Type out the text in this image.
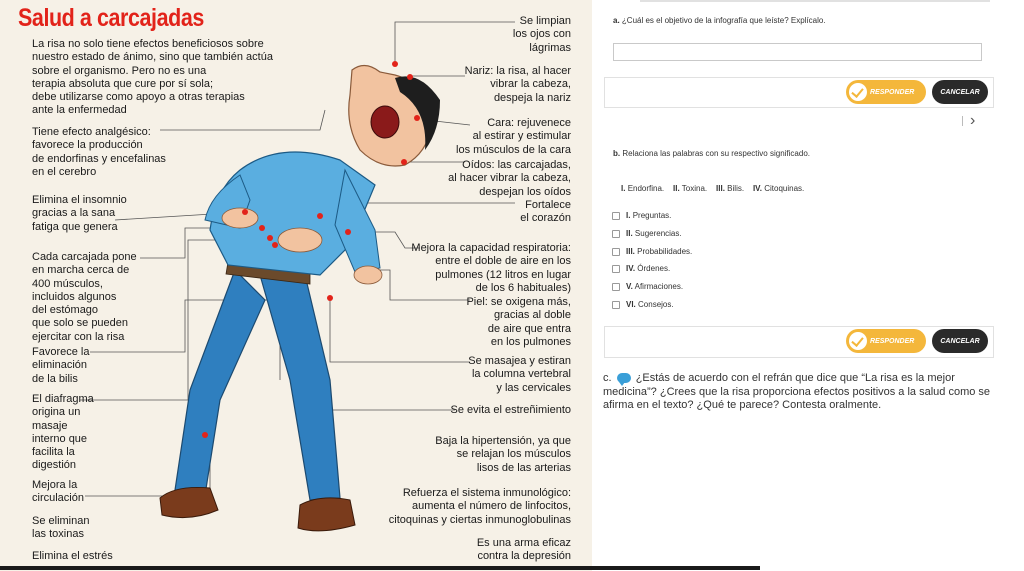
Salud a carcajadas
La risa no solo tiene efectos beneficiosos sobre
nuestro estado de ánimo, sino que también actúa
sobre el organismo. Pero no es una
terapia absoluta que cure por sí sola;
debe utilizarse como apoyo a otras terapias
ante la enfermedad
Tiene efecto analgésico:
favorece la producción
de endorfinas y encefalinas
en el cerebro
Elimina el insomnio
gracias a la sana
fatiga que genera
Cada carcajada pone
en marcha cerca de
400 músculos,
incluidos algunos
del estómago
que solo se pueden
ejercitar con la risa
Favorece la
eliminación
de la bilis
El diafragma
origina un
masaje
interno que
facilita la
digestión
Mejora la
circulación
Se eliminan
las toxinas
Elimina el estrés
Se limpian
los ojos con
lágrimas
Nariz: la risa, al hacer
vibrar la cabeza,
despeja la nariz
Cara: rejuvenece
al estirar y estimular
los músculos de la cara
Oídos: las carcajadas,
al hacer vibrar la cabeza,
despejan los oídos
Fortalece
el corazón
Mejora la capacidad respiratoria:
entre el doble de aire en los
pulmones (12 litros en lugar
de los 6 habituales)
Piel: se oxigena más,
gracias al doble
de aire que entra
en los pulmones
Se masajea y estiran
la columna vertebral
y las cervicales
Se evita el estreñimiento
Baja la hipertensión, ya que
se relajan los músculos
lisos de las arterias
Refuerza el sistema inmunológico:
aumenta el número de linfocitos,
citoquinas y ciertas inmunoglobulinas
Es una arma eficaz
contra la depresión
a. ¿Cuál es el objetivo de la infografía que leíste? Explícalo.
RESPONDER	CANCELAR
›
b. Relaciona las palabras con su respectivo significado.
I. Endorfina. II. Toxina. III. Bilis. IV. Citoquinas.
I. Preguntas.
II. Sugerencias.
III. Probabilidades.
IV. Órdenes.
V. Afirmaciones.
VI. Consejos.
RESPONDER	CANCELAR
c. ¿Estás de acuerdo con el refrán que dice que “La risa es la mejor medicina”? ¿Crees que la risa proporciona efectos positivos a la salud como se afirma en el texto? ¿Qué te parece? Contesta oralmente.
